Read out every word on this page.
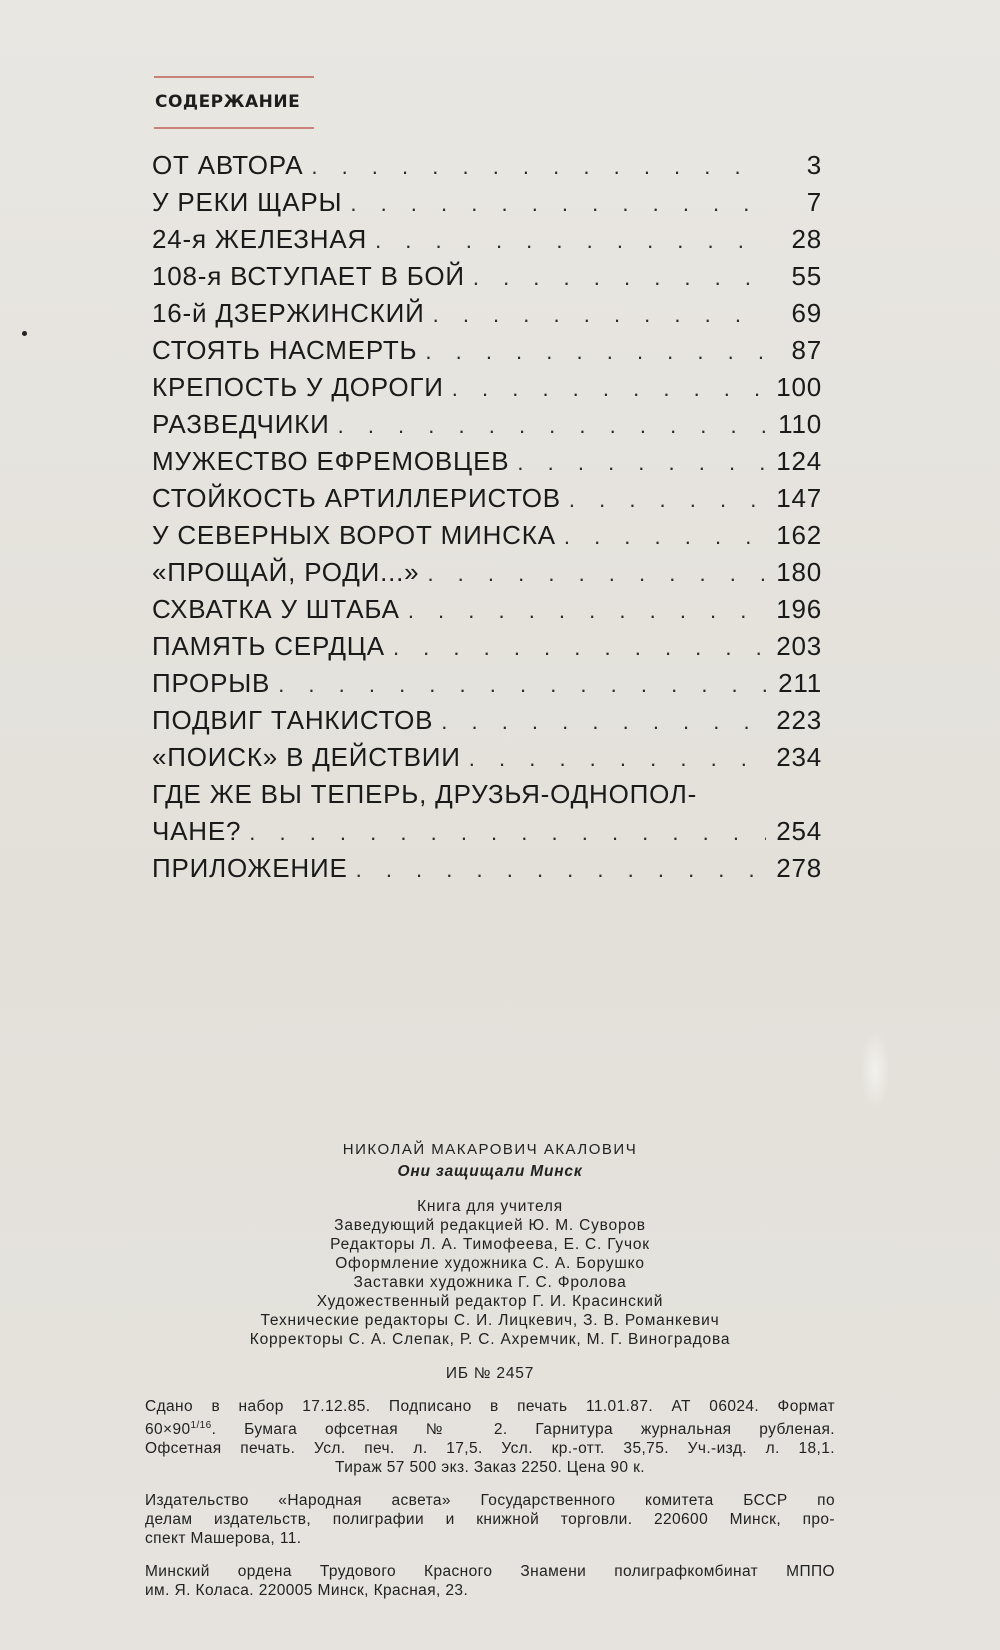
СОДЕРЖАНИЕ
ОТ АВТОРА . . .	3
У РЕКИ ЩАРЫ . . .	7
24-я ЖЕЛЕЗНАЯ . . .	28
108-я ВСТУПАЕТ В БОЙ . . .	55
16-й ДЗЕРЖИНСКИЙ . . .	69
СТОЯТЬ НАСМЕРТЬ . . .	87
КРЕПОСТЬ У ДОРОГИ . . .	100
РАЗВЕДЧИКИ . . .	110
МУЖЕСТВО ЕФРЕМОВЦЕВ . . .	124
СТОЙКОСТЬ АРТИЛЛЕРИСТОВ . . .	147
У СЕВЕРНЫХ ВОРОТ МИНСКА . . .	162
«ПРОЩАЙ, РОДИ...» . . .	180
СХВАТКА У ШТАБА . . .	196
ПАМЯТЬ СЕРДЦА . . .	203
ПРОРЫВ . . .	211
ПОДВИГ ТАНКИСТОВ . . .	223
«ПОИСК» В ДЕЙСТВИИ . . .	234
ГДЕ ЖЕ ВЫ ТЕПЕРЬ, ДРУЗЬЯ-ОДНОПОЛ-
ЧАНЕ? . . .	254
ПРИЛОЖЕНИЕ . . .	278
НИКОЛАЙ МАКАРОВИЧ АКАЛОВИЧ
Они защищали Минск
Книга для учителя
Заведующий редакцией Ю. М. Суворов
Редакторы Л. А. Тимофеева, Е. С. Гучок
Оформление художника С. А. Борушко
Заставки художника Г. С. Фролова
Художественный редактор Г. И. Красинский
Технические редакторы С. И. Лицкевич, З. В. Романкевич
Корректоры С. А. Слепак, Р. С. Ахремчик, М. Г. Виноградова
ИБ № 2457
Сдано в набор 17.12.85. Подписано в печать 11.01.87. АТ 06024. Формат
$60\times 90^{1/16}$. Бумага офсетная № 2. Гарнитура журнальная рубленая.
Офсетная печать. Усл. печ. л. 17,5. Усл. кр.-отт. 35,75. Уч.-изд. л. 18,1.
Тираж 57 500 экз. Заказ 2250. Цена 90 к.
Издательство «Народная асвета» Государственного комитета БССР по
делам издательств, полиграфии и книжной торговли. 220600 Минск, про-
спект Машерова, 11.
Минский ордена Трудового Красного Знамени полиграфкомбинат МППО
им. Я. Коласа. 220005 Минск, Красная, 23.
